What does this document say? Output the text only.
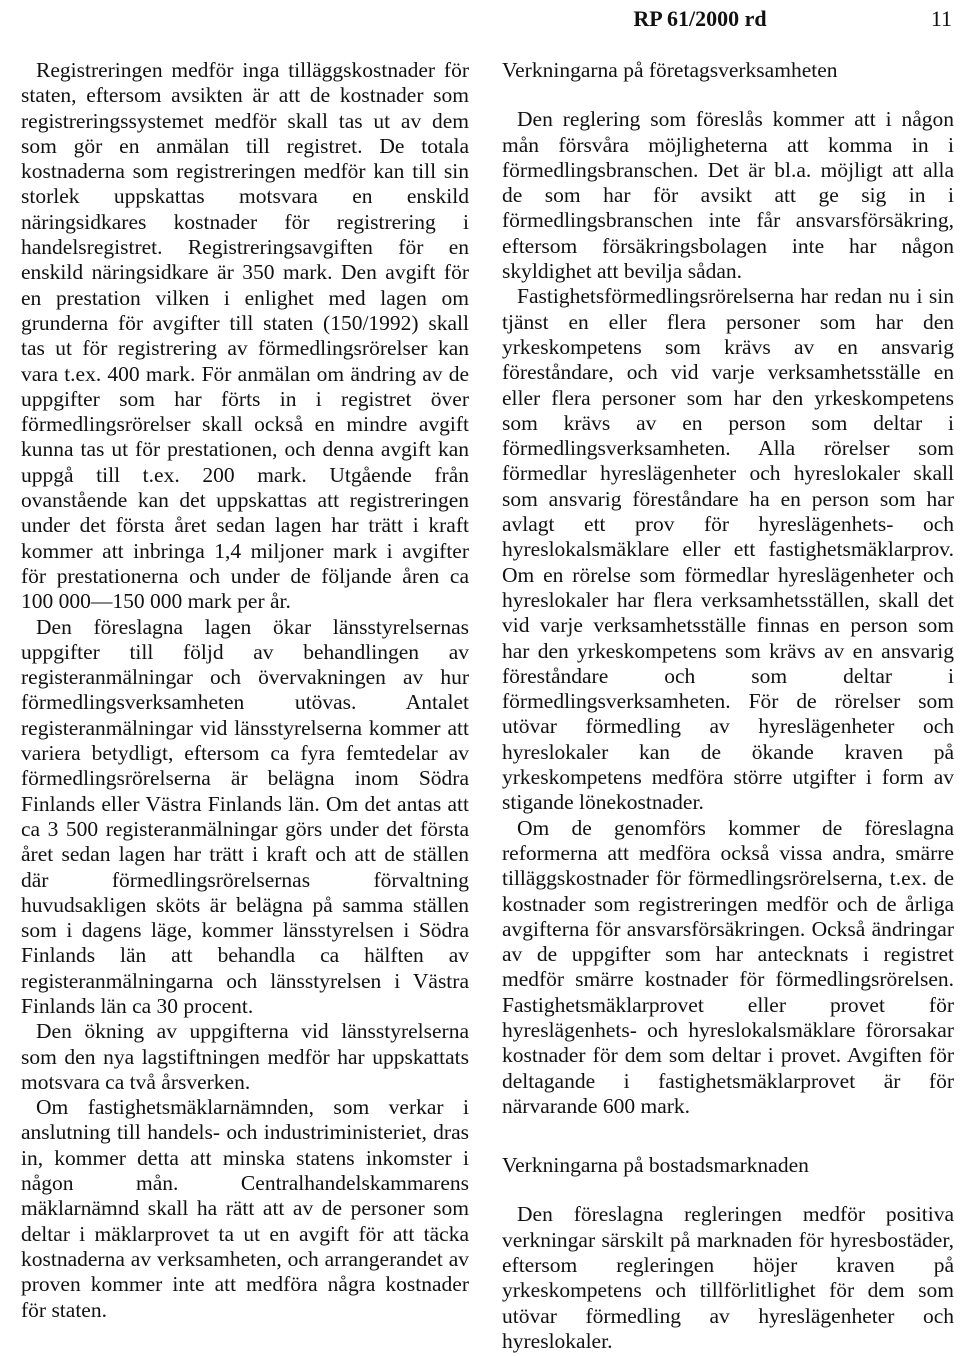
RP 61/2000 rd	11

Registreringen medför inga tilläggskostnader för staten, eftersom avsikten är att de kostnader som registreringssystemet medför skall tas ut av dem som gör en anmälan till registret. De totala kostnaderna som registreringen medför kan till sin storlek uppskattas motsvara en enskild näringsidkares kostnader för registrering i handelsregistret. Registreringsavgiften för en enskild näringsidkare är 350 mark. Den avgift för en prestation vilken i enlighet med lagen om grunderna för avgifter till staten (150/1992) skall tas ut för registrering av förmedlingsrörelser kan vara t.ex. 400 mark. För anmälan om ändring av de uppgifter som har förts in i registret över förmedlingsrörelser skall också en mindre avgift kunna tas ut för prestationen, och denna avgift kan uppgå till t.ex. 200 mark. Utgående från ovanstående kan det uppskattas att registreringen under det första året sedan lagen har trätt i kraft kommer att inbringa 1,4 miljoner mark i avgifter för prestationerna och under de följande åren ca 100 000—150 000 mark per år.

Den föreslagna lagen ökar länsstyrelsernas uppgifter till följd av behandlingen av registeranmälningar och övervakningen av hur förmedlingsverksamheten utövas. Antalet registeranmälningar vid länsstyrelserna kommer att variera betydligt, eftersom ca fyra femtedelar av förmedlingsrörelserna är belägna inom Södra Finlands eller Västra Finlands län. Om det antas att ca 3 500 registeranmälningar görs under det första året sedan lagen har trätt i kraft och att de ställen där förmedlingsrörelsernas förvaltning huvudsakligen sköts är belägna på samma ställen som i dagens läge, kommer länsstyrelsen i Södra Finlands län att behandla ca hälften av registeranmälningarna och länsstyrelsen i Västra Finlands län ca 30 procent.

Den ökning av uppgifterna vid länsstyrelserna som den nya lagstiftningen medför har uppskattats motsvara ca två årsverken.

Om fastighetsmäklarnämnden, som verkar i anslutning till handels- och industriministeriet, dras in, kommer detta att minska statens inkomster i någon mån. Centralhandelskammarens mäklarnämnd skall ha rätt att av de personer som deltar i mäklarprovet ta ut en avgift för att täcka kostnaderna av verksamheten, och arrangerandet av proven kommer inte att medföra några kostnader för staten.

Verkningarna på företagsverksamheten

Den reglering som föreslås kommer att i någon mån försvåra möjligheterna att komma in i förmedlingsbranschen. Det är bl.a. möjligt att alla de som har för avsikt att ge sig in i förmedlingsbranschen inte får ansvarsförsäkring, eftersom försäkringsbolagen inte har någon skyldighet att bevilja sådan.

Fastighetsförmedlingsrörelserna har redan nu i sin tjänst en eller flera personer som har den yrkeskompetens som krävs av en ansvarig föreståndare, och vid varje verksamhetsställe en eller flera personer som har den yrkeskompetens som krävs av en person som deltar i förmedlingsverksamheten. Alla rörelser som förmedlar hyreslägenheter och hyreslokaler skall som ansvarig föreståndare ha en person som har avlagt ett prov för hyreslägenhets- och hyreslokalsmäklare eller ett fastighetsmäklarprov. Om en rörelse som förmedlar hyreslägenheter och hyreslokaler har flera verksamhetsställen, skall det vid varje verksamhetsställe finnas en person som har den yrkeskompetens som krävs av en ansvarig föreståndare och som deltar i förmedlingsverksamheten. För de rörelser som utövar förmedling av hyreslägenheter och hyreslokaler kan de ökande kraven på yrkeskompetens medföra större utgifter i form av stigande lönekostnader.

Om de genomförs kommer de föreslagna reformerna att medföra också vissa andra, smärre tilläggskostnader för förmedlingsrörelserna, t.ex. de kostnader som registreringen medför och de årliga avgifterna för ansvarsförsäkringen. Också ändringar av de uppgifter som har antecknats i registret medför smärre kostnader för förmedlingsrörelsen. Fastighetsmäklarprovet eller provet för hyreslägenhets- och hyreslokalsmäklare förorsakar kostnader för dem som deltar i provet. Avgiften för deltagande i fastighetsmäklarprovet är för närvarande 600 mark.

Verkningarna på bostadsmarknaden

Den föreslagna regleringen medför positiva verkningar särskilt på marknaden för hyresbostäder, eftersom regleringen höjer kraven på yrkeskompetens och tillförlitlighet för dem som utövar förmedling av hyreslägenheter och hyreslokaler.
